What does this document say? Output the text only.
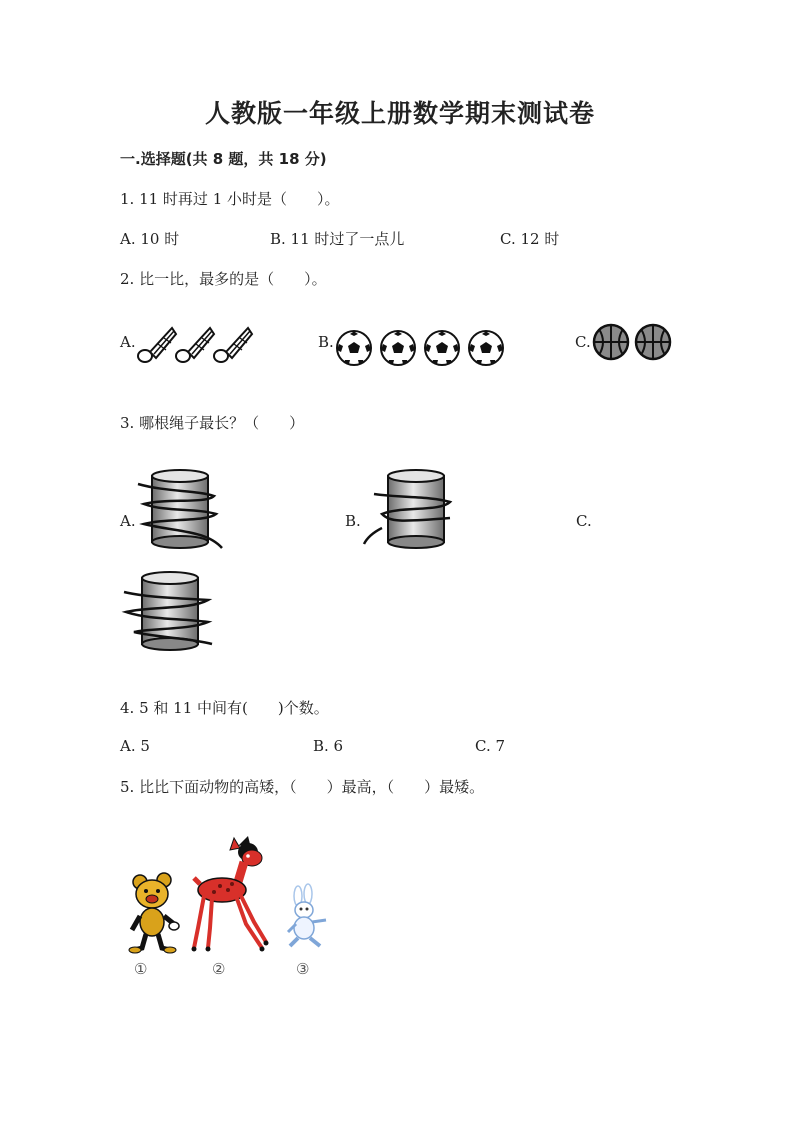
人教版一年级上册数学期末测试卷
一.选择题(共 8 题，共 18 分)
1. 11 时再过 1 小时是（　　）。
A. 10 时	B. 11 时过了一点儿	C. 12 时
2. 比一比，最多的是（　　）。
A.	B.	C.
3. 哪根绳子最长？（　　）
A.	B.	C.
4. 5 和 11 中间有(　　)个数。
A. 5	B. 6	C. 7
5. 比比下面动物的高矮，（　　）最高，（　　）最矮。
①	②	③
